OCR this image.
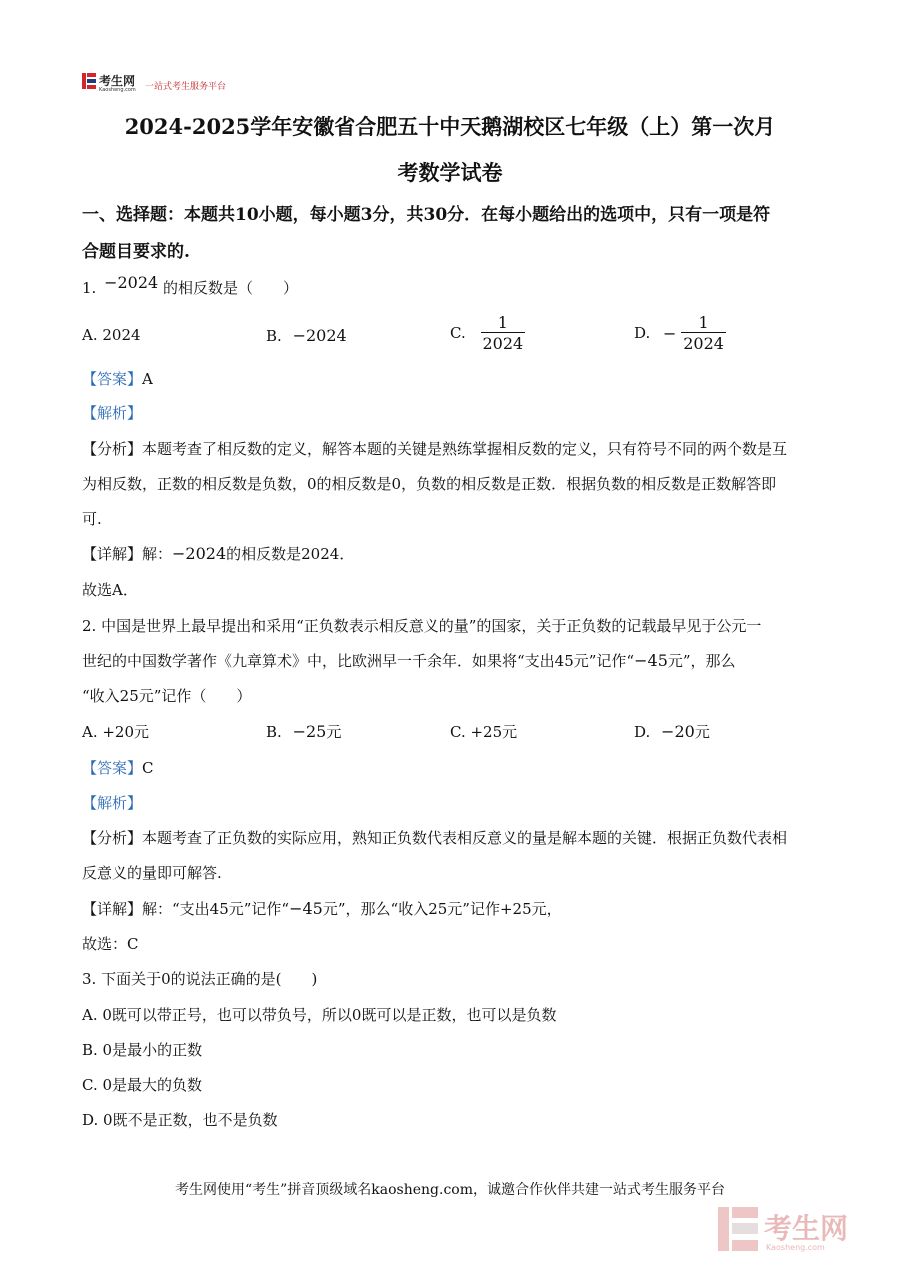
考生网
Kaosheng.com 一站式考生服务平台
2024-2025学年安徽省合肥五十中天鹅湖校区七年级（上）第一次月
考数学试卷
一、选择题：本题共10小题，每小题3分，共30分．在每小题给出的选项中，只有一项是符
合题目要求的.
1. −2024 的相反数是（　　）
A. 2024	B. −2024	C. $\frac{1}{2024}$	D. − $\frac{1}{2024}$
【答案】A
【解析】
【分析】本题考查了相反数的定义，解答本题的关键是熟练掌握相反数的定义，只有符号不同的两个数是互
为相反数，正数的相反数是负数，0的相反数是0，负数的相反数是正数．根据负数的相反数是正数解答即
可.
【详解】解：−2024的相反数是2024．
故选A．
2. 中国是世界上最早提出和采用“正负数表示相反意义的量”的国家，关于正负数的记载最早见于公元一
世纪的中国数学著作《九章算术》中，比欧洲早一千余年．如果将“支出45元”记作“−45元”，那么
“收入25元”记作（　　）
A. +20元	B. −25元	C. +25元	D. −20元
【答案】C
【解析】
【分析】本题考查了正负数的实际应用，熟知正负数代表相反意义的量是解本题的关键．根据正负数代表相
反意义的量即可解答.
【详解】解：“支出45元”记作“−45元”，那么“收入25元”记作+25元，
故选：C
3. 下面关于0的说法正确的是(　　)
A. 0既可以带正号，也可以带负号，所以0既可以是正数，也可以是负数
B. 0是最小的正数
C. 0是最大的负数
D. 0既不是正数，也不是负数
考生网使用“考生”拼音顶级域名kaosheng.com，诚邀合作伙伴共建一站式考生服务平台
考生网
Kaosheng.com
